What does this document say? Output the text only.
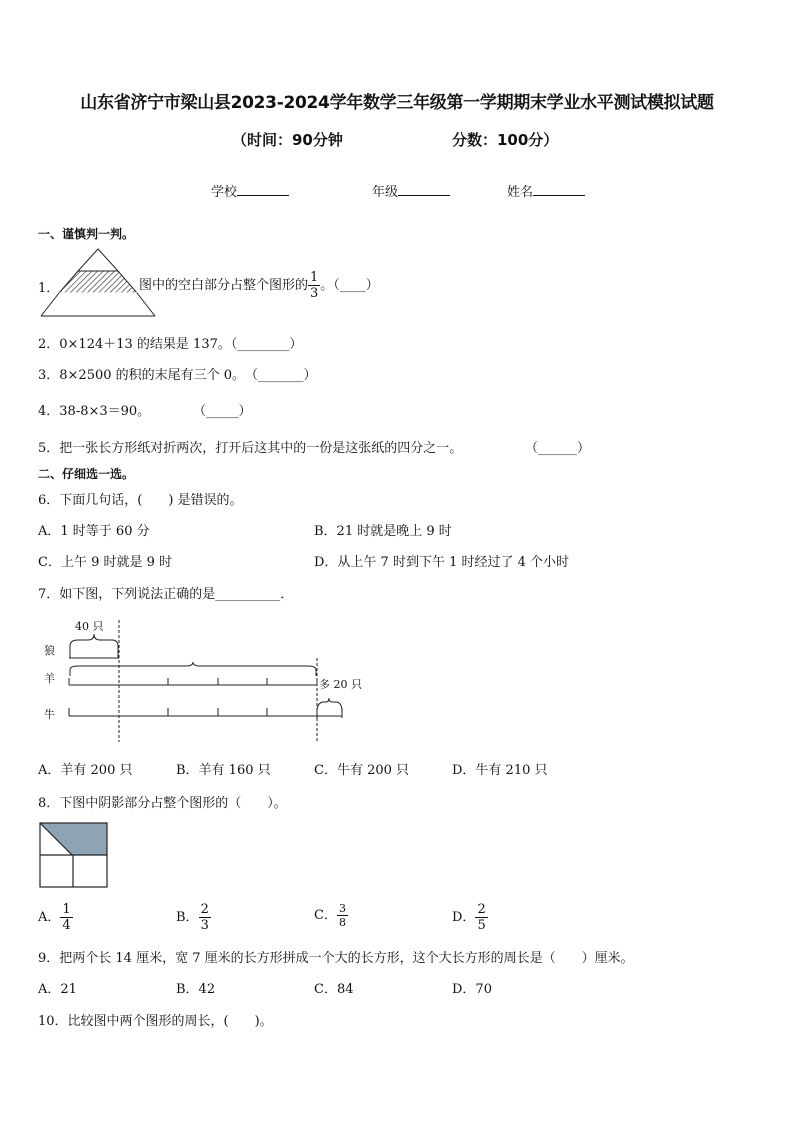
山东省济宁市梁山县2023-2024学年数学三年级第一学期期末学业水平测试模拟试题
（时间：90分钟	分数：100分）
学校	年级	姓名
一、谨慎判一判。
1．	图中的空白部分占整个图形的 $\frac{1}{3}$ 。（____）
2．0×124＋13 的结果是 137。（________）
3．8×2500 的积的末尾有三个 0。　（_______）
4．38-8×3＝90。	（_____）
5．把一张长方形纸对折两次，打开后这其中的一份是这张纸的四分之一。	（______）
二、仔细选一选。
6．下面几句话，(　　) 是错误的。
A．1 时等于 60 分	B．21 时就是晚上 9 时
C．上午 9 时就是 9 时	D．从上午 7 时到下午 1 时经过了 4 个小时
7．如下图，下列说法正确的是__________．
40 只
狼
羊
牛
多 20 只
A．羊有 200 只	B．羊有 160 只	C．牛有 200 只	D．牛有 210 只
8．下图中阴影部分占整个图形的（　　）。
A． $\frac{1}{4}$	B． $\frac{2}{3}$	C． $\frac{3}{8}$	D． $\frac{2}{5}$
9．把两个长 14 厘米，宽 7 厘米的长方形拼成一个大的长方形，这个大长方形的周长是（　　）厘米。
A．21	B．42	C．84	D．70
10．比较图中两个图形的周长，(　　)。
